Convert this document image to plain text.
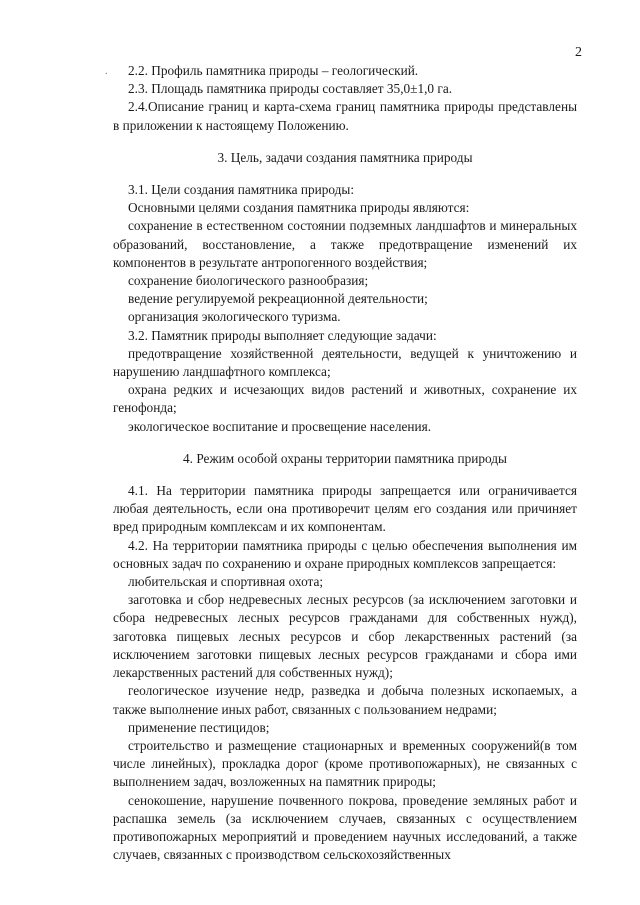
2
.	2.2. Профиль памятника природы – геологический.

2.3. Площадь памятника природы составляет 35,0±1,0 га.

2.4.Описание границ и карта-схема границ памятника природы представлены в приложении к настоящему Положению.

3. Цель, задачи создания памятника природы

3.1. Цели создания памятника природы:

Основными целями создания памятника природы являются:

сохранение в естественном состоянии подземных ландшафтов и минеральных образований, восстановление, а также предотвращение изменений их компонентов в результате антропогенного воздействия;

сохранение биологического разнообразия;

ведение регулируемой рекреационной деятельности;

организация экологического туризма.

3.2. Памятник природы выполняет следующие задачи:

предотвращение хозяйственной деятельности, ведущей к уничтожению и нарушению ландшафтного комплекса;

охрана редких и исчезающих видов растений и животных, сохранение их генофонда;

экологическое воспитание и просвещение населения.

4. Режим особой охраны территории памятника природы

4.1. На территории памятника природы запрещается или ограничивается любая деятельность, если она противоречит целям его создания или причиняет вред природным комплексам и их компонентам.

4.2. На территории памятника природы с целью обеспечения выполнения им основных задач по сохранению и охране природных комплексов запрещается:

любительская и спортивная охота;

заготовка и сбор недревесных лесных ресурсов (за исключением заготовки и сбора недревесных лесных ресурсов гражданами для собственных нужд), заготовка пищевых лесных ресурсов и сбор лекарственных растений (за исключением заготовки пищевых лесных ресурсов гражданами и сбора ими лекарственных растений для собственных нужд);

геологическое изучение недр, разведка и добыча полезных ископаемых, а также выполнение иных работ, связанных с пользованием недрами;

применение пестицидов;

строительство и размещение стационарных и временных сооружений(в том числе линейных), прокладка дорог (кроме противопожарных), не связанных с выполнением задач, возложенных на памятник природы;

сенокошение, нарушение почвенного покрова, проведение земляных работ и распашка земель (за исключением случаев, связанных с осуществлением противопожарных мероприятий и проведением научных исследований, а также случаев, связанных с производством сельскохозяйственных
